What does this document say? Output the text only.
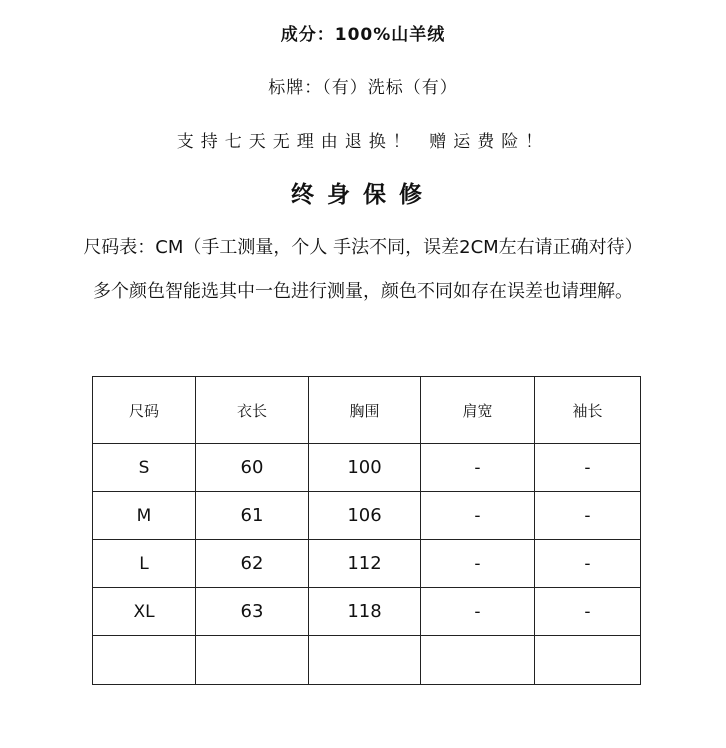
成分：100%山羊绒
标牌：（有）洗标（有）
支持七天无理由退换！ 赠运费险！
终身保修
尺码表：CM（手工测量，个人 手法不同，误差2CM左右请正确对待）
多个颜色智能选其中一色进行测量，颜色不同如存在误差也请理解。
尺码	衣长	胸围	肩宽	袖长
S	60	100	-	-
M	61	106	-	-
L	62	112	-	-
XL	63	118	-	-
